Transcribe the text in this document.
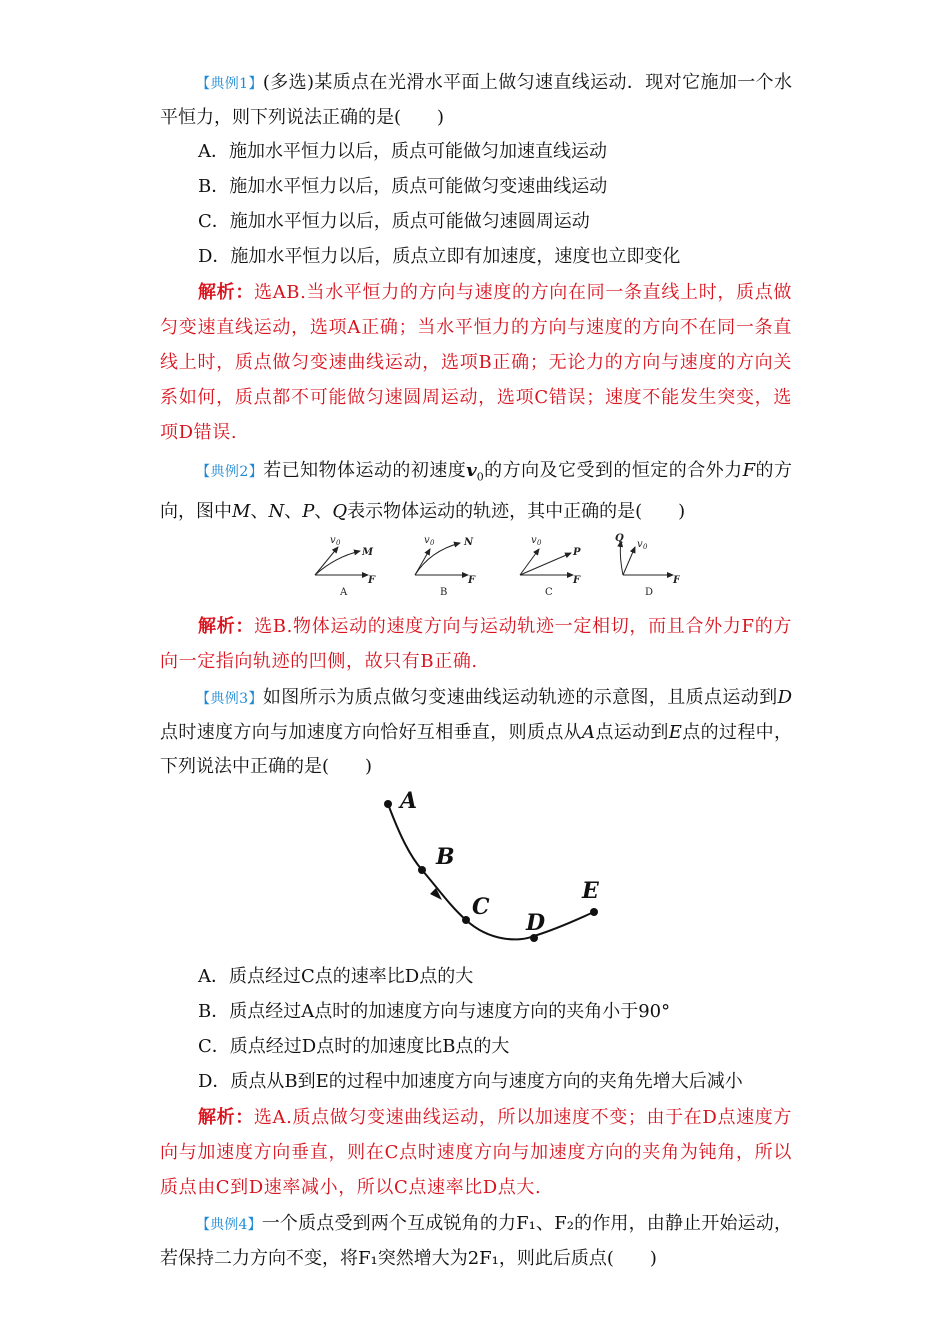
【典例1】(多选)某质点在光滑水平面上做匀速直线运动．现对它施加一个水平恒力，则下列说法正确的是(　　)

A．施加水平恒力以后，质点可能做匀加速直线运动

B．施加水平恒力以后，质点可能做匀变速曲线运动

C．施加水平恒力以后，质点可能做匀速圆周运动

D．施加水平恒力以后，质点立即有加速度，速度也立即变化

解析：选AB.当水平恒力的方向与速度的方向在同一条直线上时，质点做匀变速直线运动，选项A正确；当水平恒力的方向与速度的方向不在同一条直线上时，质点做匀变速曲线运动，选项B正确；无论力的方向与速度的方向关系如何，质点都不可能做匀速圆周运动，选项C错误；速度不能发生突变，选项D错误.

【典例2】若已知物体运动的初速度$v_0$的方向及它受到的恒定的合外力F的方向，图中M、N、P、Q表示物体运动的轨迹，其中正确的是(　　)

v 0
M
F
A
v 0	N
F
B
v 0
P
F
C
Q
v 0
F
D

解析：选B.物体运动的速度方向与运动轨迹一定相切，而且合外力F的方向一定指向轨迹的凹侧，故只有B正确.

【典例3】如图所示为质点做匀变速曲线运动轨迹的示意图，且质点运动到D点时速度方向与加速度方向恰好互相垂直，则质点从A点运动到E点的过程中，下列说法中正确的是(　　)

A
B
C
D
E

A．质点经过C点的速率比D点的大

B．质点经过A点时的加速度方向与速度方向的夹角小于90°

C．质点经过D点时的加速度比B点的大

D．质点从B到E的过程中加速度方向与速度方向的夹角先增大后减小

解析：选A.质点做匀变速曲线运动，所以加速度不变；由于在D点速度方向与加速度方向垂直，则在C点时速度方向与加速度方向的夹角为钝角，所以质点由C到D速率减小，所以C点速率比D点大.

【典例4】一个质点受到两个互成锐角的力F₁、F₂的作用，由静止开始运动，若保持二力方向不变，将F₁突然增大为2F₁，则此后质点(　　)
